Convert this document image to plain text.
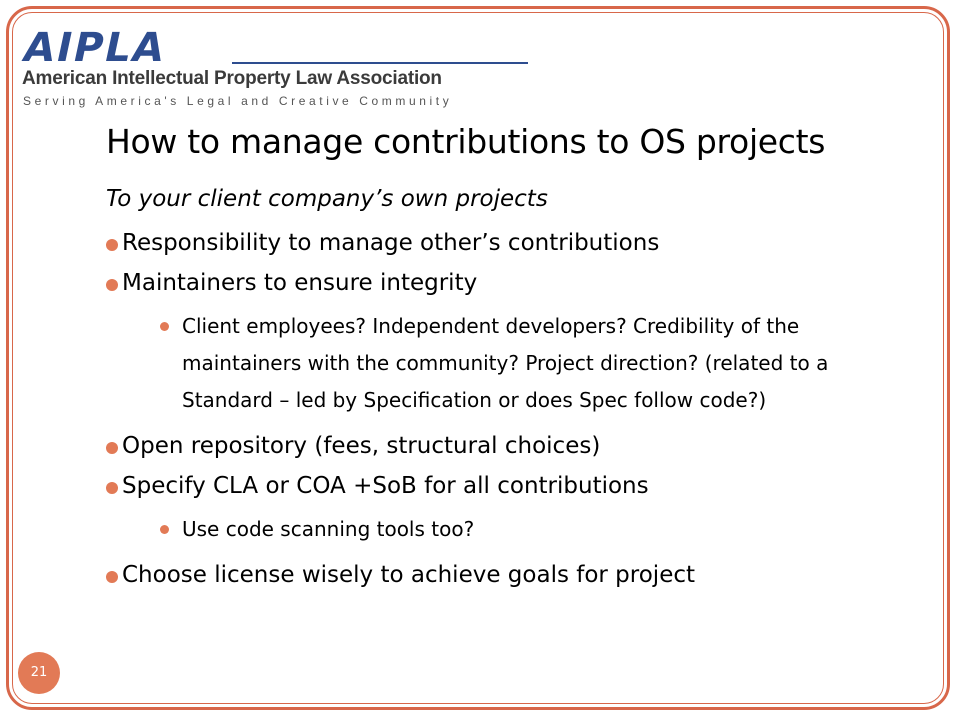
AIPLA
American Intellectual Property Law Association
Serving America's Legal and Creative Community
How to manage contributions to OS projects
To your client company’s own projects
Responsibility to manage other’s contributions
Maintainers to ensure integrity
Client employees? Independent developers? Credibility of the maintainers with the community? Project direction? (related to a Standard – led by Specification or does Spec follow code?)
Open repository (fees, structural choices)
Specify CLA or COA +SoB for all contributions
Use code scanning tools too?
Choose license wisely to achieve goals for project
21
